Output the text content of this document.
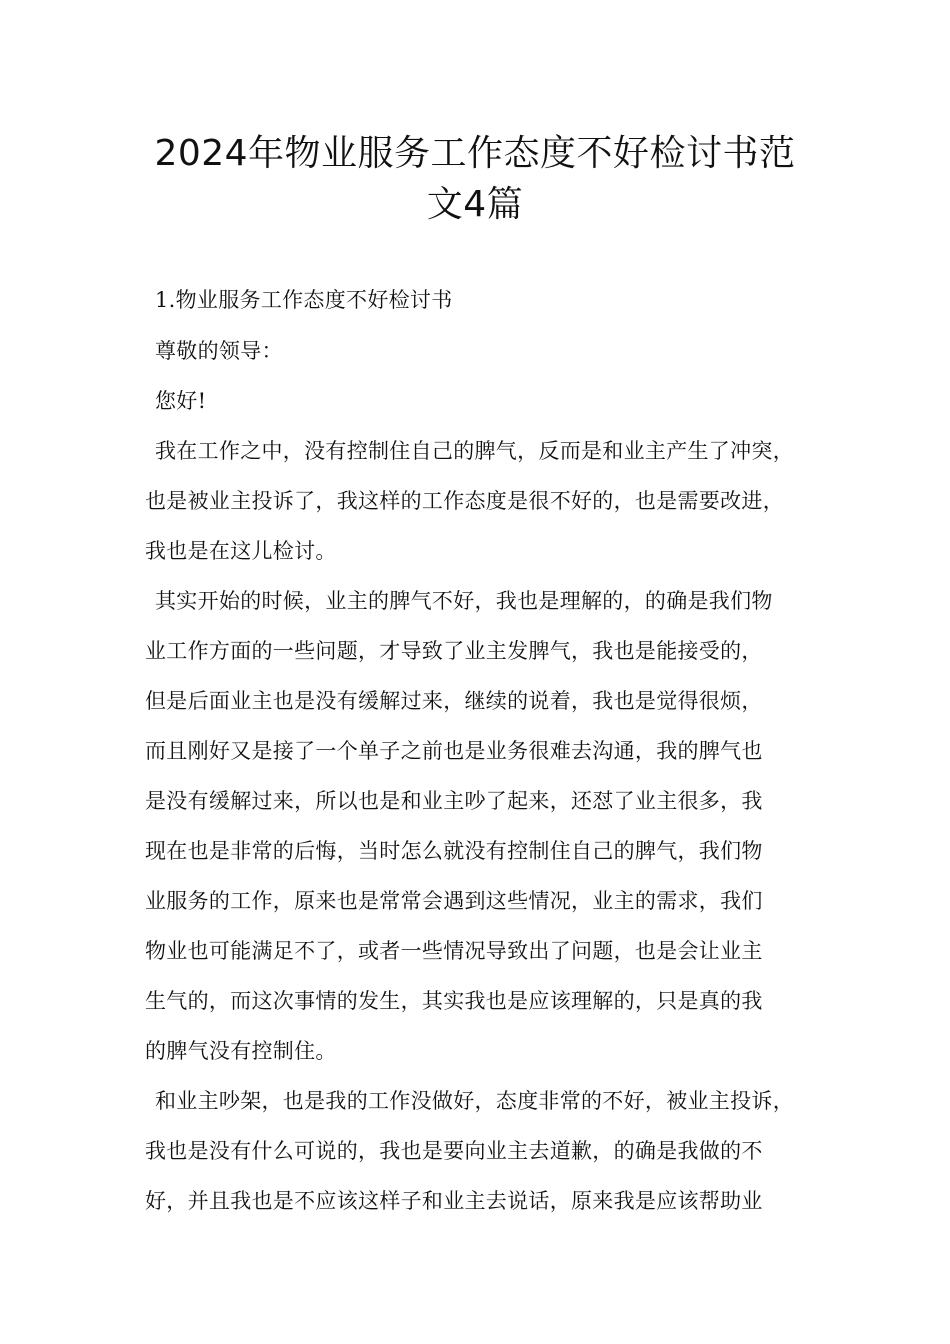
2024年物业服务工作态度不好检讨书范
文4篇
1.物业服务工作态度不好检讨书
尊敬的领导：
您好!
我在工作之中，没有控制住自己的脾气，反而是和业主产生了冲突，
也是被业主投诉了，我这样的工作态度是很不好的，也是需要改进，
我也是在这儿检讨。
其实开始的时候，业主的脾气不好，我也是理解的，的确是我们物
业工作方面的一些问题，才导致了业主发脾气，我也是能接受的，
但是后面业主也是没有缓解过来，继续的说着，我也是觉得很烦，
而且刚好又是接了一个单子之前也是业务很难去沟通，我的脾气也
是没有缓解过来，所以也是和业主吵了起来，还怼了业主很多，我
现在也是非常的后悔，当时怎么就没有控制住自己的脾气，我们物
业服务的工作，原来也是常常会遇到这些情况，业主的需求，我们
物业也可能满足不了，或者一些情况导致出了问题，也是会让业主
生气的，而这次事情的发生，其实我也是应该理解的，只是真的我
的脾气没有控制住。
和业主吵架，也是我的工作没做好，态度非常的不好，被业主投诉，
我也是没有什么可说的，我也是要向业主去道歉，的确是我做的不
好，并且我也是不应该这样子和业主去说话，原来我是应该帮助业
